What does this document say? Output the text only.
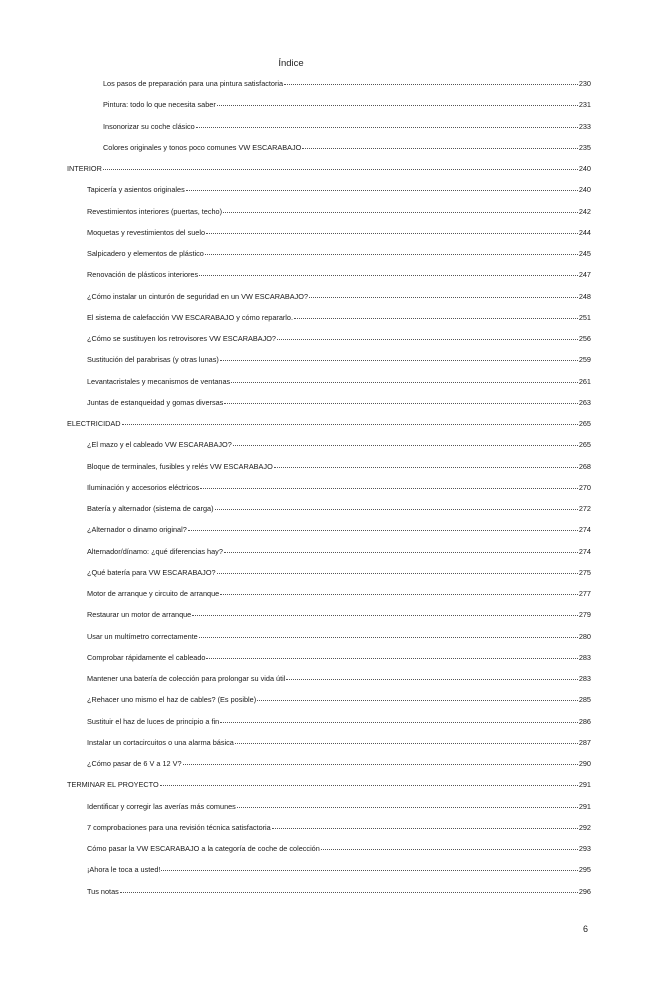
Índice
Los pasos de preparación para una pintura satisfactoria	230
Pintura: todo lo que necesita saber	231
Insonorizar su coche clásico	233
Colores originales y tonos poco comunes VW ESCARABAJO	235
INTERIOR	240
Tapicería y asientos originales	240
Revestimientos interiores (puertas, techo)	242
Moquetas y revestimientos del suelo	244
Salpicadero y elementos de plástico	245
Renovación de plásticos interiores	247
¿Cómo instalar un cinturón de seguridad en un VW ESCARABAJO?	248
El sistema de calefacción VW ESCARABAJO y cómo repararlo.	251
¿Cómo se sustituyen los retrovisores VW ESCARABAJO?	256
Sustitución del parabrisas (y otras lunas)	259
Levantacristales y mecanismos de ventanas	261
Juntas de estanqueidad y gomas diversas	263
ELECTRICIDAD	265
¿El mazo y el cableado VW ESCARABAJO?	265
Bloque de terminales, fusibles y relés VW ESCARABAJO	268
Iluminación y accesorios eléctricos	270
Batería y alternador (sistema de carga)	272
¿Alternador o dinamo original?	274
Alternador/dínamo: ¿qué diferencias hay?	274
¿Qué batería para VW ESCARABAJO?	275
Motor de arranque y circuito de arranque	277
Restaurar un motor de arranque	279
Usar un multímetro correctamente	280
Comprobar rápidamente el cableado	283
Mantener una batería de colección para prolongar su vida útil	283
¿Rehacer uno mismo el haz de cables? (Es posible)	285
Sustituir el haz de luces de principio a fin	286
Instalar un cortacircuitos o una alarma básica	287
¿Cómo pasar de 6 V a 12 V?	290
TERMINAR EL PROYECTO	291
Identificar y corregir las averías más comunes	291
7 comprobaciones para una revisión técnica satisfactoria	292
Cómo pasar la VW ESCARABAJO a la categoría de coche de colección	293
¡Ahora le toca a usted!	295
Tus notas	296
6
